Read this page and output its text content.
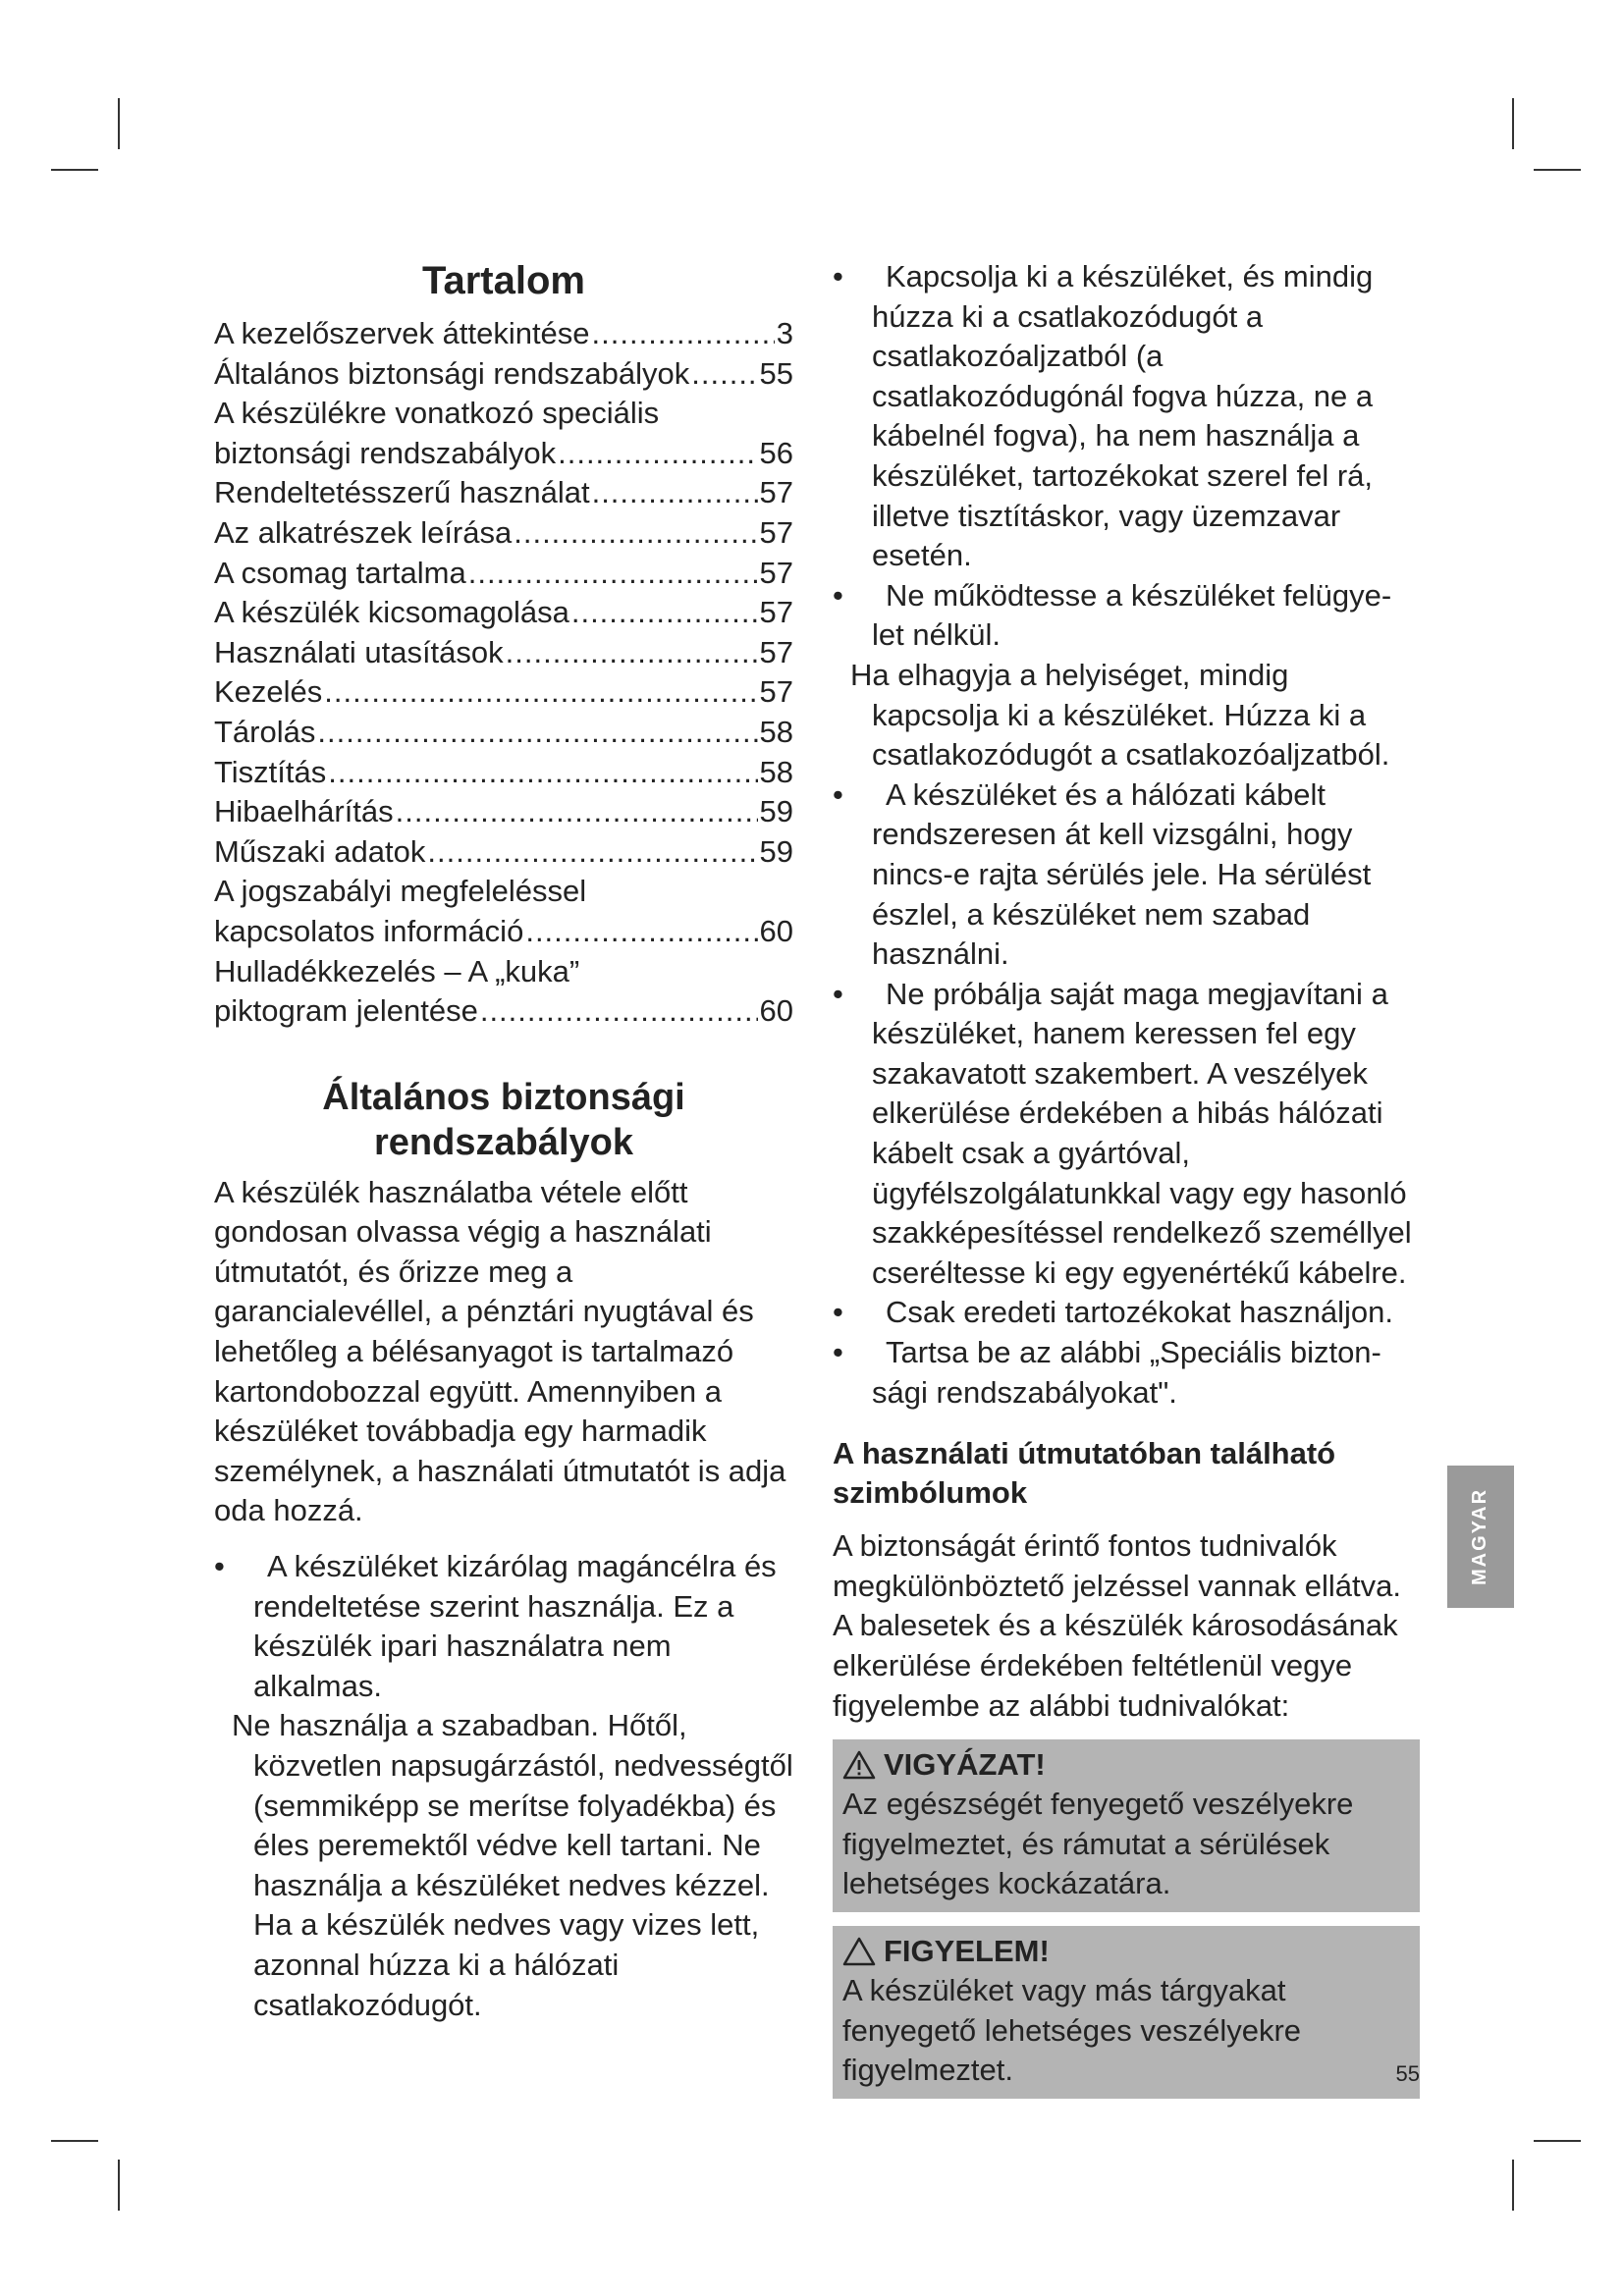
Tartalom
A kezelőszervek áttekintése .....	3
Általános biztonsági rendszabályok ..... 55
A készülékre vonatkozó speciális
biztonsági rendszabályok .....	56
Rendeltetésszerű használat .....	57
Az alkatrészek leírása .....	57
A csomag tartalma .....	57
A készülék kicsomagolása .....	57
Használati utasítások .....	57
Kezelés .....	57
Tárolás .....	58
Tisztítás .....	58
Hibaelhárítás .....	59
Műszaki adatok .....	59
A jogszabályi megfeleléssel
kapcsolatos információ .....	60
Hulladékkezelés – A „kuka”
piktogram jelentése .....	60
Általános biztonsági
rendszabályok

A készülék használatba vétele előtt gondosan olvassa végig a használati útmutatót, és őrizze meg a garancialevéllel, a pénztári nyugtával és lehetőleg a bélésanyagot is tartalmazó kartondobozzal együtt. Amennyiben a készüléket továbbadja egy harmadik személynek, a használati útmutatót is adja oda hozzá.

• A készüléket kizárólag magáncélra és rendeltetése szerint használja. Ez a készülék ipari használatra nem alkalmas.
Ne használja a szabadban. Hőtől, közvetlen napsugárzástól, nedvességtől (semmiképp se merítse folyadékba) és éles peremektől védve kell tartani. Ne használja a készüléket nedves kézzel. Ha a készülék nedves vagy vizes lett, azonnal húzza ki a hálózati csatlakozódugót.
• Kapcsolja ki a készüléket, és mindig húzza ki a csatlakozódugót a csatlakozóaljzatból (a csatlakozódugónál fogva húzza, ne a kábelnél fogva), ha nem használja a készüléket, tartozékokat szerel fel rá, illetve tisztításkor, vagy üzemzavar esetén.
• Ne működtesse a készüléket felügye- let nélkül.
Ha elhagyja a helyiséget, mindig kapcsolja ki a készüléket. Húzza ki a csatlakozódugót a csatlakozóaljzatból.
• A készüléket és a hálózati kábelt rendszeresen át kell vizsgálni, hogy nincs-e rajta sérülés jele. Ha sérülést észlel, a készüléket nem szabad használni.
• Ne próbálja saját maga megjavítani a készüléket, hanem keressen fel egy szakavatott szakembert. A veszélyek elkerülése érdekében a hibás hálózati kábelt csak a gyártóval, ügyfélszolgálatunkkal vagy egy hasonló szakképesítéssel rendelkező személlyel cseréltesse ki egy egyenértékű kábelre.
• Csak eredeti tartozékokat használjon.
• Tartsa be az alábbi „Speciális bizton- sági rendszabályokat".
A használati útmutatóban található szimbólumok

A biztonságát érintő fontos tudnivalók megkülönböztető jelzéssel vannak ellátva. A balesetek és a készülék károsodásának elkerülése érdekében feltétlenül vegye figyelembe az alábbi tudnivalókat:

VIGYÁZAT!
Az egészségét fenyegető veszélyekre figyelmeztet, és rámutat a sérülések lehetséges kockázatára.
FIGYELEM!
A készüléket vagy más tárgyakat fenyegető lehetséges veszélyekre figyelmeztet.
MAGYAR
55
